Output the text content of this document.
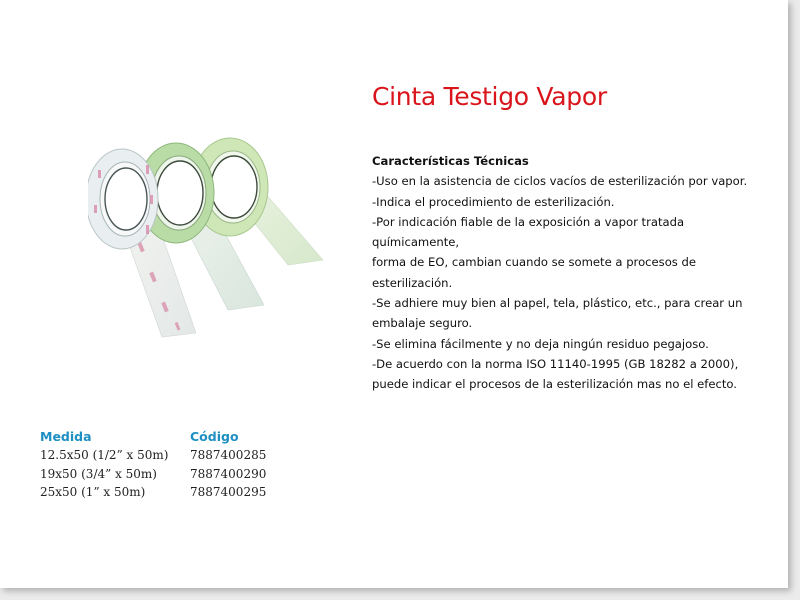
Cinta Testigo Vapor

Características Técnicas

-Uso en la asistencia de ciclos vacíos de esterilización por vapor.

-Indica el procedimiento de esterilización.

-Por indicación fiable de la exposición a vapor tratada químicamente,

forma de EO, cambian cuando se somete a procesos de esterilización.

-Se adhiere muy bien al papel, tela, plástico, etc., para crear un

embalaje seguro.

-Se elimina fácilmente y no deja ningún residuo pegajoso.

-De acuerdo con la norma ISO 11140-1995 (GB 18282 a 2000),

puede indicar el procesos de la esterilización mas no el efecto.

Medida
12.5x50 (1/2” x 50m)
19x50 (3/4” x 50m)
25x50 (1” x 50m)
Código
7887400285
7887400290
7887400295
